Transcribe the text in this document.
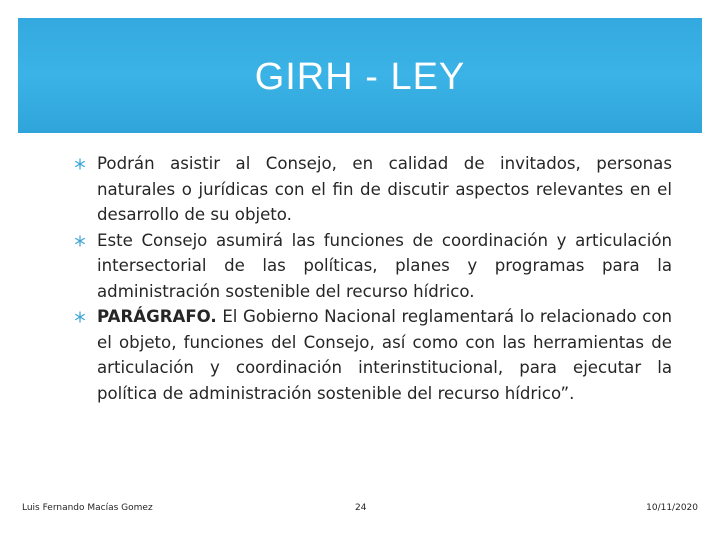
GIRH - LEY
Podrán asistir al Consejo, en calidad de invitados, personas naturales o jurídicas con el fin de discutir aspectos relevantes en el desarrollo de su objeto.
Este Consejo asumirá las funciones de coordinación y articulación intersectorial de las políticas, planes y programas para la administración sostenible del recurso hídrico.
PARÁGRAFO. El Gobierno Nacional reglamentará lo relacionado con el objeto, funciones del Consejo, así como con las herramientas de articulación y coordinación interinstitucional, para ejecutar la política de administración sostenible del recurso hídrico”.
Luis Fernando Macías Gomez	24	10/11/2020
